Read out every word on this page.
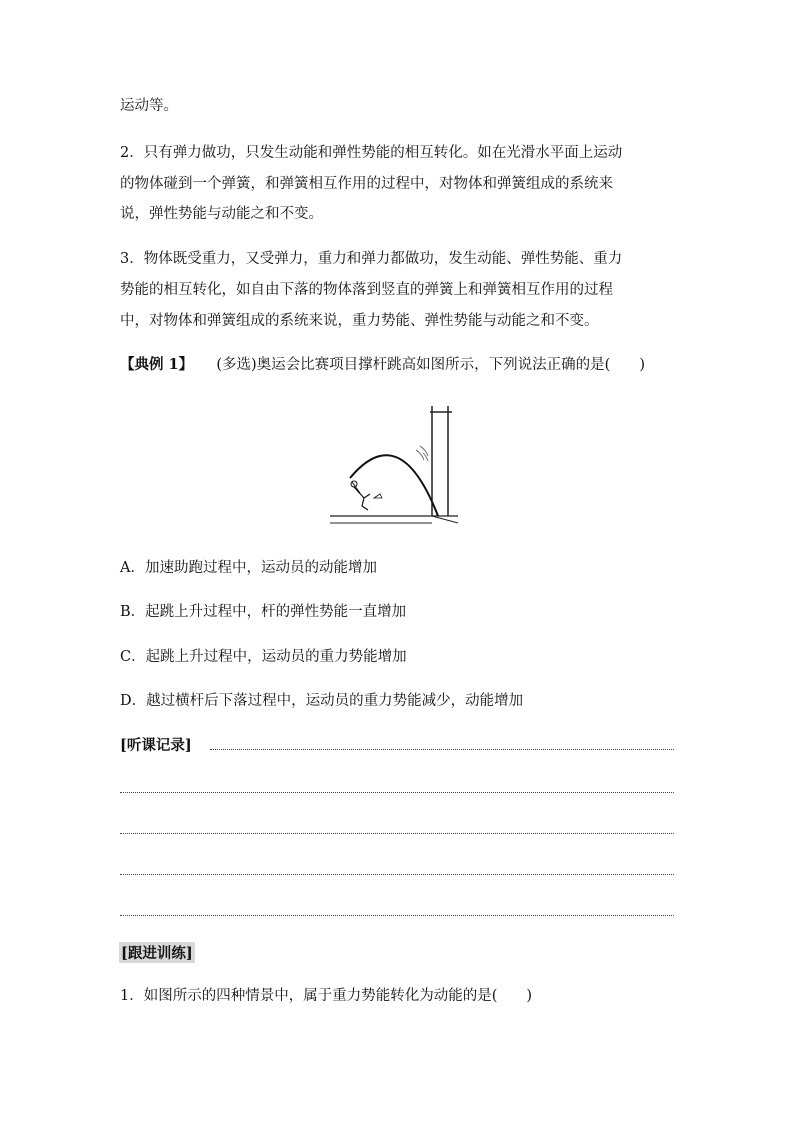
运动等。
2．只有弹力做功，只发生动能和弹性势能的相互转化。如在光滑水平面上运动
的物体碰到一个弹簧，和弹簧相互作用的过程中，对物体和弹簧组成的系统来
说，弹性势能与动能之和不变。
3．物体既受重力，又受弹力，重力和弹力都做功，发生动能、弹性势能、重力
势能的相互转化，如自由下落的物体落到竖直的弹簧上和弹簧相互作用的过程
中，对物体和弹簧组成的系统来说，重力势能、弹性势能与动能之和不变。
【典例 1】 (多选)奥运会比赛项目撑杆跳高如图所示，下列说法正确的是(　　)
A．加速助跑过程中，运动员的动能增加
B．起跳上升过程中，杆的弹性势能一直增加
C．起跳上升过程中，运动员的重力势能增加
D．越过横杆后下落过程中，运动员的重力势能减少，动能增加
[听课记录]
[跟进训练]
1．如图所示的四种情景中，属于重力势能转化为动能的是(　　)
